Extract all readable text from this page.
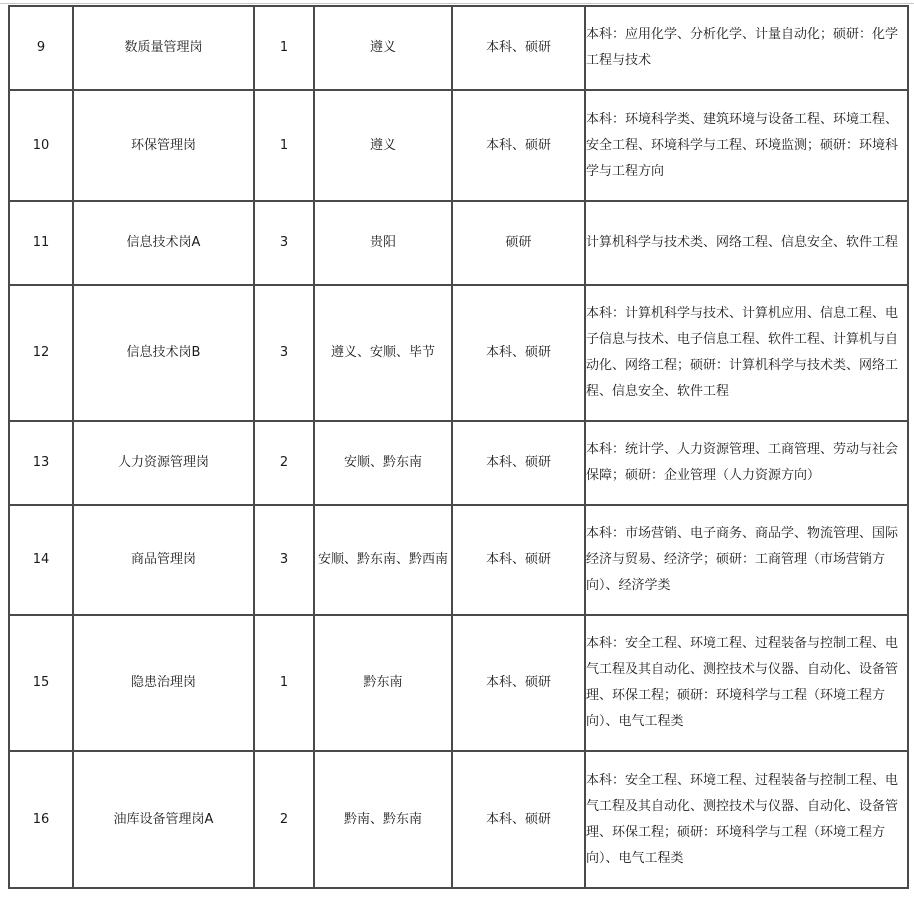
9	数质量管理岗	1	遵义	本科、硕研	本科：应用化学、分析化学、计量自动化；硕研：化学工程与技术
10	环保管理岗	1	遵义	本科、硕研	本科：环境科学类、建筑环境与设备工程、环境工程、安全工程、环境科学与工程、环境监测；硕研：环境科学与工程方向
11	信息技术岗A	3	贵阳	硕研	计算机科学与技术类、网络工程、信息安全、软件工程
12	信息技术岗B	3	遵义、安顺、毕节	本科、硕研	本科：计算机科学与技术、计算机应用、信息工程、电子信息与技术、电子信息工程、软件工程、计算机与自动化、网络工程；硕研：计算机科学与技术类、网络工程、信息安全、软件工程
13	人力资源管理岗	2	安顺、黔东南	本科、硕研	本科：统计学、人力资源管理、工商管理、劳动与社会保障；硕研：企业管理（人力资源方向）
14	商品管理岗	3	安顺、黔东南、黔西南	本科、硕研	本科：市场营销、电子商务、商品学、物流管理、国际经济与贸易、经济学；硕研：工商管理（市场营销方向）、经济学类
15	隐患治理岗	1	黔东南	本科、硕研	本科：安全工程、环境工程、过程装备与控制工程、电气工程及其自动化、测控技术与仪器、自动化、设备管理、环保工程；硕研：环境科学与工程（环境工程方向）、电气工程类
16	油库设备管理岗A	2	黔南、黔东南	本科、硕研	本科：安全工程、环境工程、过程装备与控制工程、电气工程及其自动化、测控技术与仪器、自动化、设备管理、环保工程；硕研：环境科学与工程（环境工程方向）、电气工程类
